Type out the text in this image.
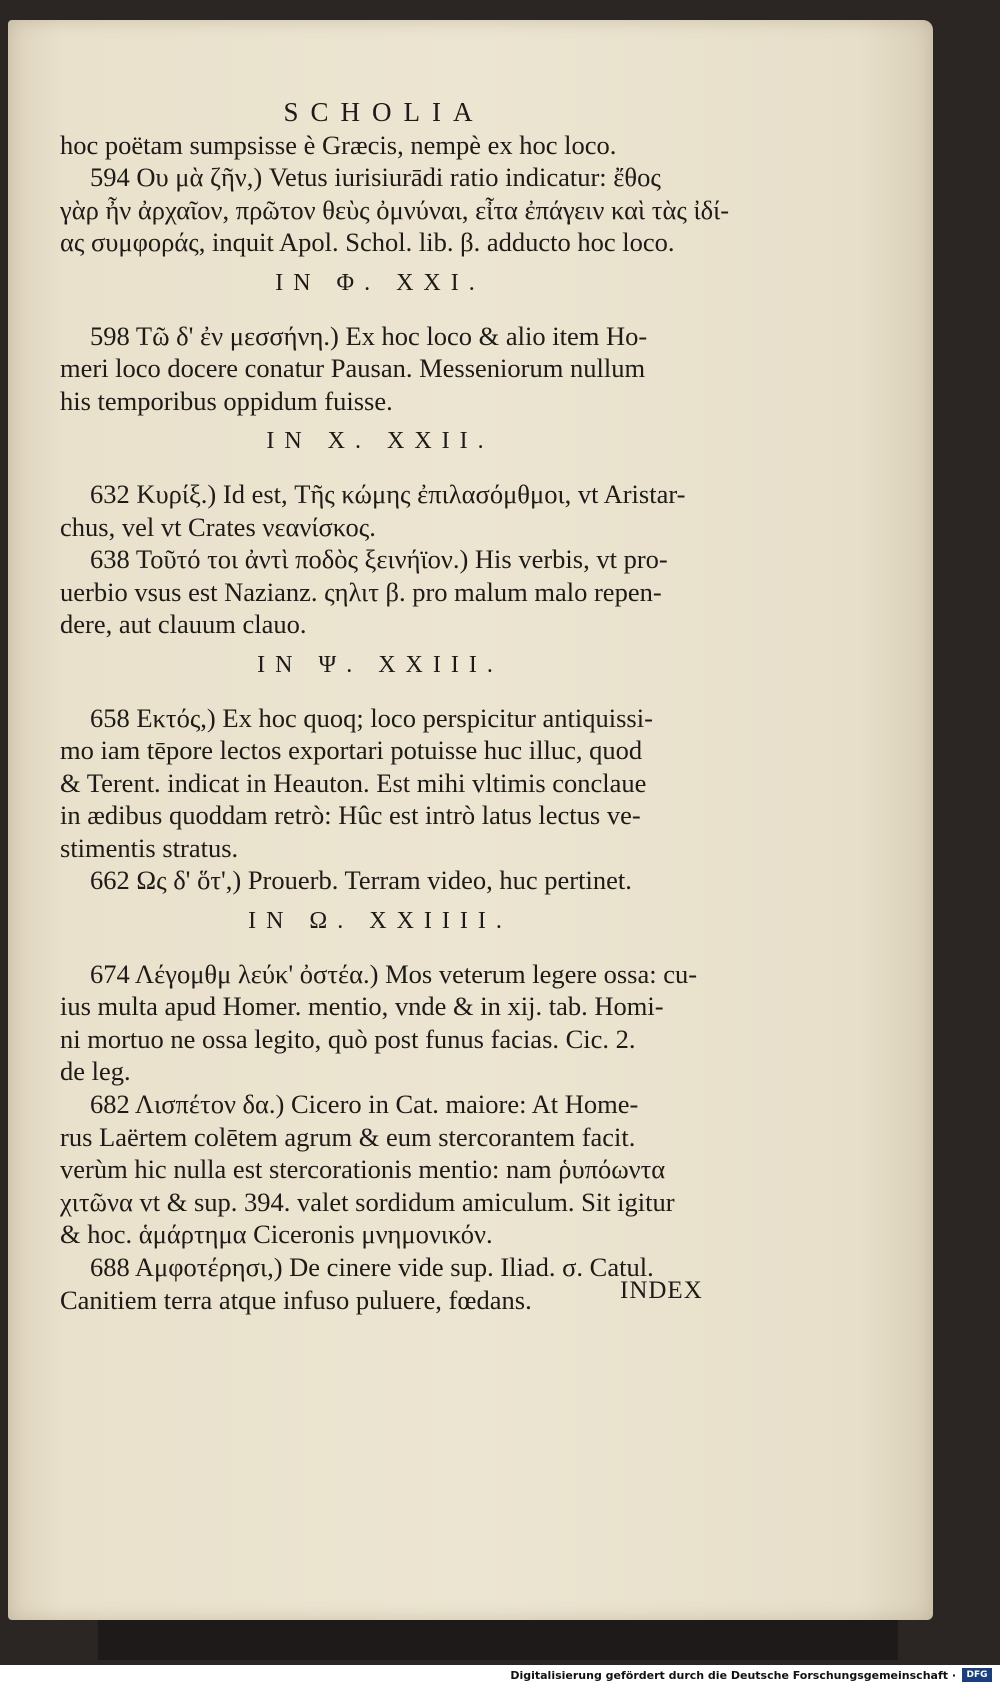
SCHOLIA
hoc poëtam sumpsisse è Græcis, nempè ex hoc loco.
594 Ου μὰ ζῆν,) Vetus iurisiurādi ratio indicatur: ἔθος
γὰρ ἦν ἀρχαῖον, πρῶτον θεὺς ὀμνύναι, εἶτα ἐπάγειν καὶ τὰς ἰδί-
ας συμφοράς, inquit Apol. Schol. lib. β. adducto hoc loco.
IN Φ. XXI.
598 Τῶ δ' ἐν μεσσήνη.) Ex hoc loco & alio item Ho-
meri loco docere conatur Pausan. Messeniorum nullum
his temporibus oppidum fuisse.
IN X. XXII.
632 Κυρίξ.) Id est, Τῆς κώμης ἐπιλασόμθμοι, vt Aristar-
chus, vel vt Crates νεανίσκος.
638 Τοῦτό τοι ἀντὶ ποδὸς ξεινήϊον.) His verbis, vt pro-
uerbio vsus est Nazianz. ςηλιτ β. pro malum malo repen-
dere, aut clauum clauo.
IN Ψ. XXIII.
658 Εκτός,) Ex hoc quoq; loco perspicitur antiquissi-
mo iam tēpore lectos exportari potuisse huc illuc, quod
& Terent. indicat in Heauton. Est mihi vltimis conclaue
in ædibus quoddam retrò: Hûc est intrò latus lectus ve-
stimentis stratus.
662 Ως δ' ὅτ',) Prouerb. Terram video, huc pertinet.
IN Ω. XXIIII.
674 Λέγομθμ λεύκ' ὀστέα.) Mos veterum legere ossa: cu-
ius multa apud Homer. mentio, vnde & in xij. tab. Homi-
ni mortuo ne ossa legito, quò post funus facias. Cic. 2.
de leg.
682 Λισπέτον δα.) Cicero in Cat. maiore: At Home-
rus Laërtem colētem agrum & eum stercorantem facit.
verùm hic nulla est stercorationis mentio: nam ῥυπόωντα
χιτῶνα vt & sup. 394. valet sordidum amiculum. Sit igitur
& hoc. ἁμάρτημα Ciceronis μνημονικόν.
688 Αμφοτέρησι,) De cinere vide sup. Iliad. σ. Catul.
Canitiem terra atque infuso puluere, fœdans.	INDEX
Digitalisierung gefördert durch die Deutsche Forschungsgemeinschaft ·	DFG
